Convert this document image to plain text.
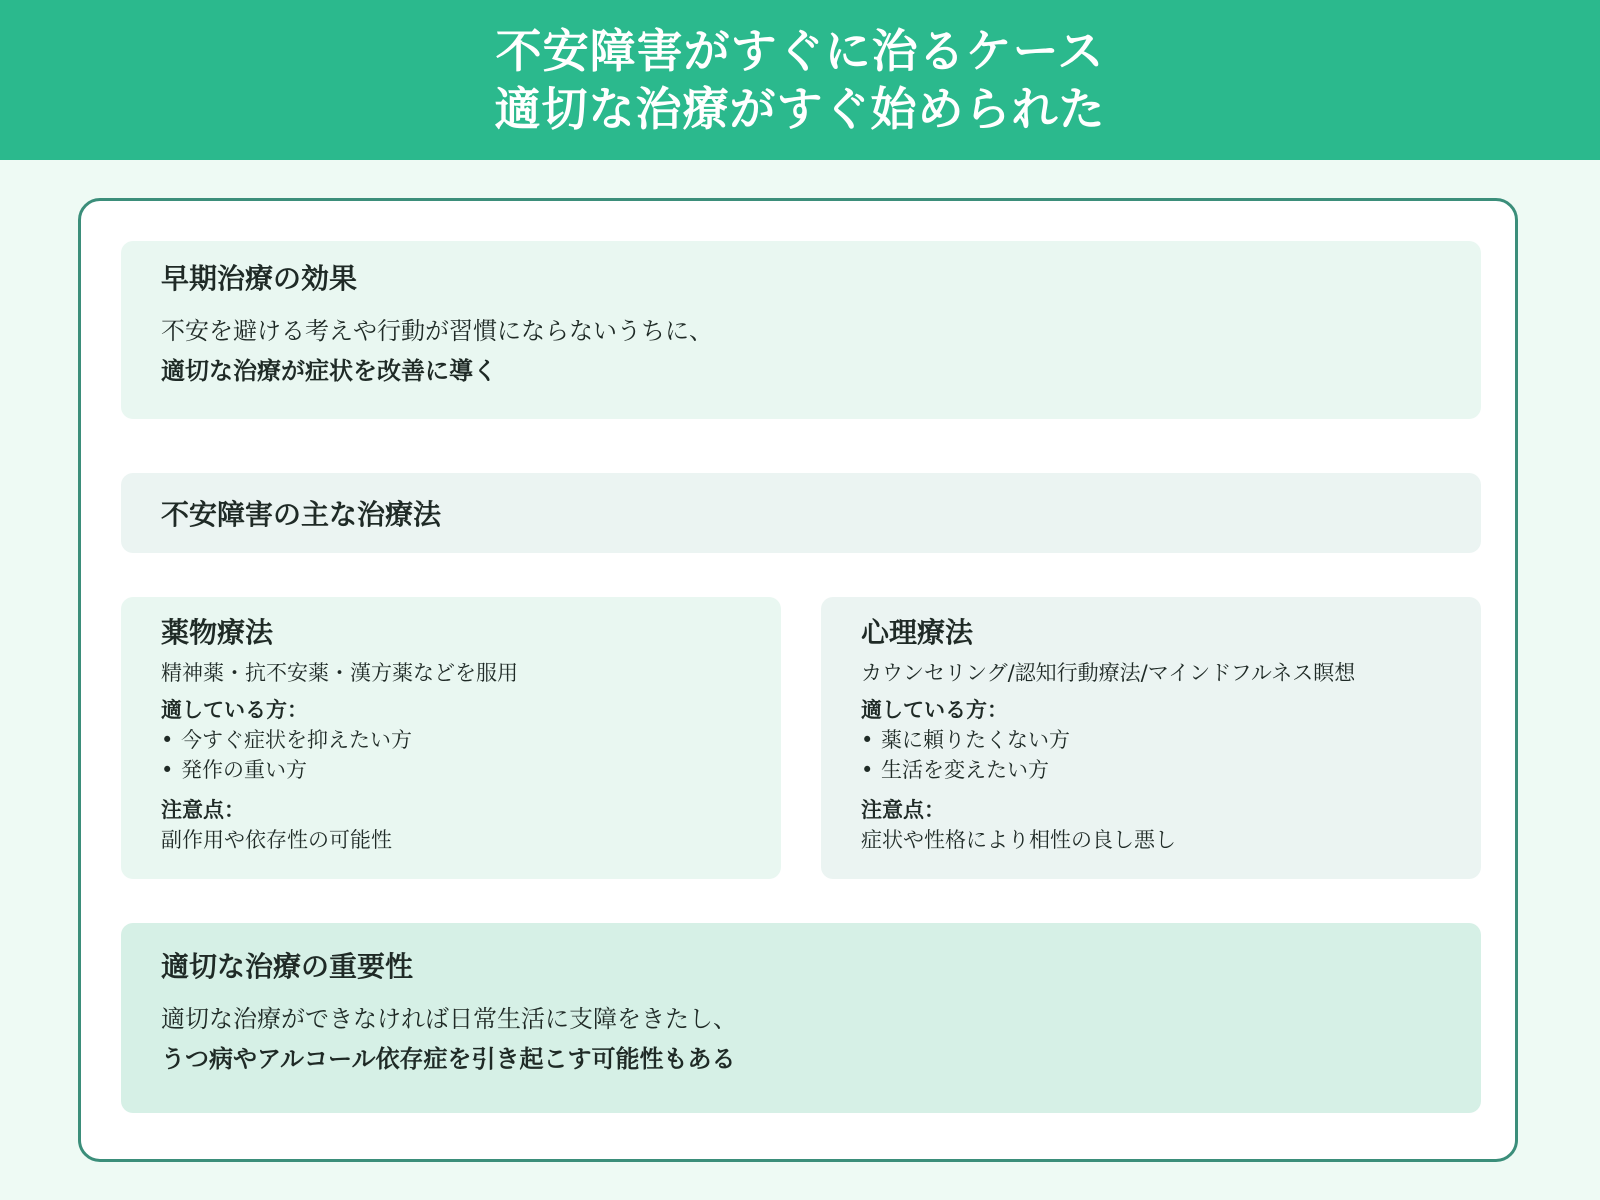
不安障害がすぐに治るケース
適切な治療がすぐ始められた
早期治療の効果
不安を避ける考えや行動が習慣にならないうちに、
適切な治療が症状を改善に導く
不安障害の主な治療法
薬物療法
精神薬・抗不安薬・漢方薬などを服用
適している方：
• 今すぐ症状を抑えたい方
• 発作の重い方
注意点：
副作用や依存性の可能性
心理療法
カウンセリング/認知行動療法/マインドフルネス瞑想
適している方：
• 薬に頼りたくない方
• 生活を変えたい方
注意点：
症状や性格により相性の良し悪し
適切な治療の重要性
適切な治療ができなければ日常生活に支障をきたし、
うつ病やアルコール依存症を引き起こす可能性もある
